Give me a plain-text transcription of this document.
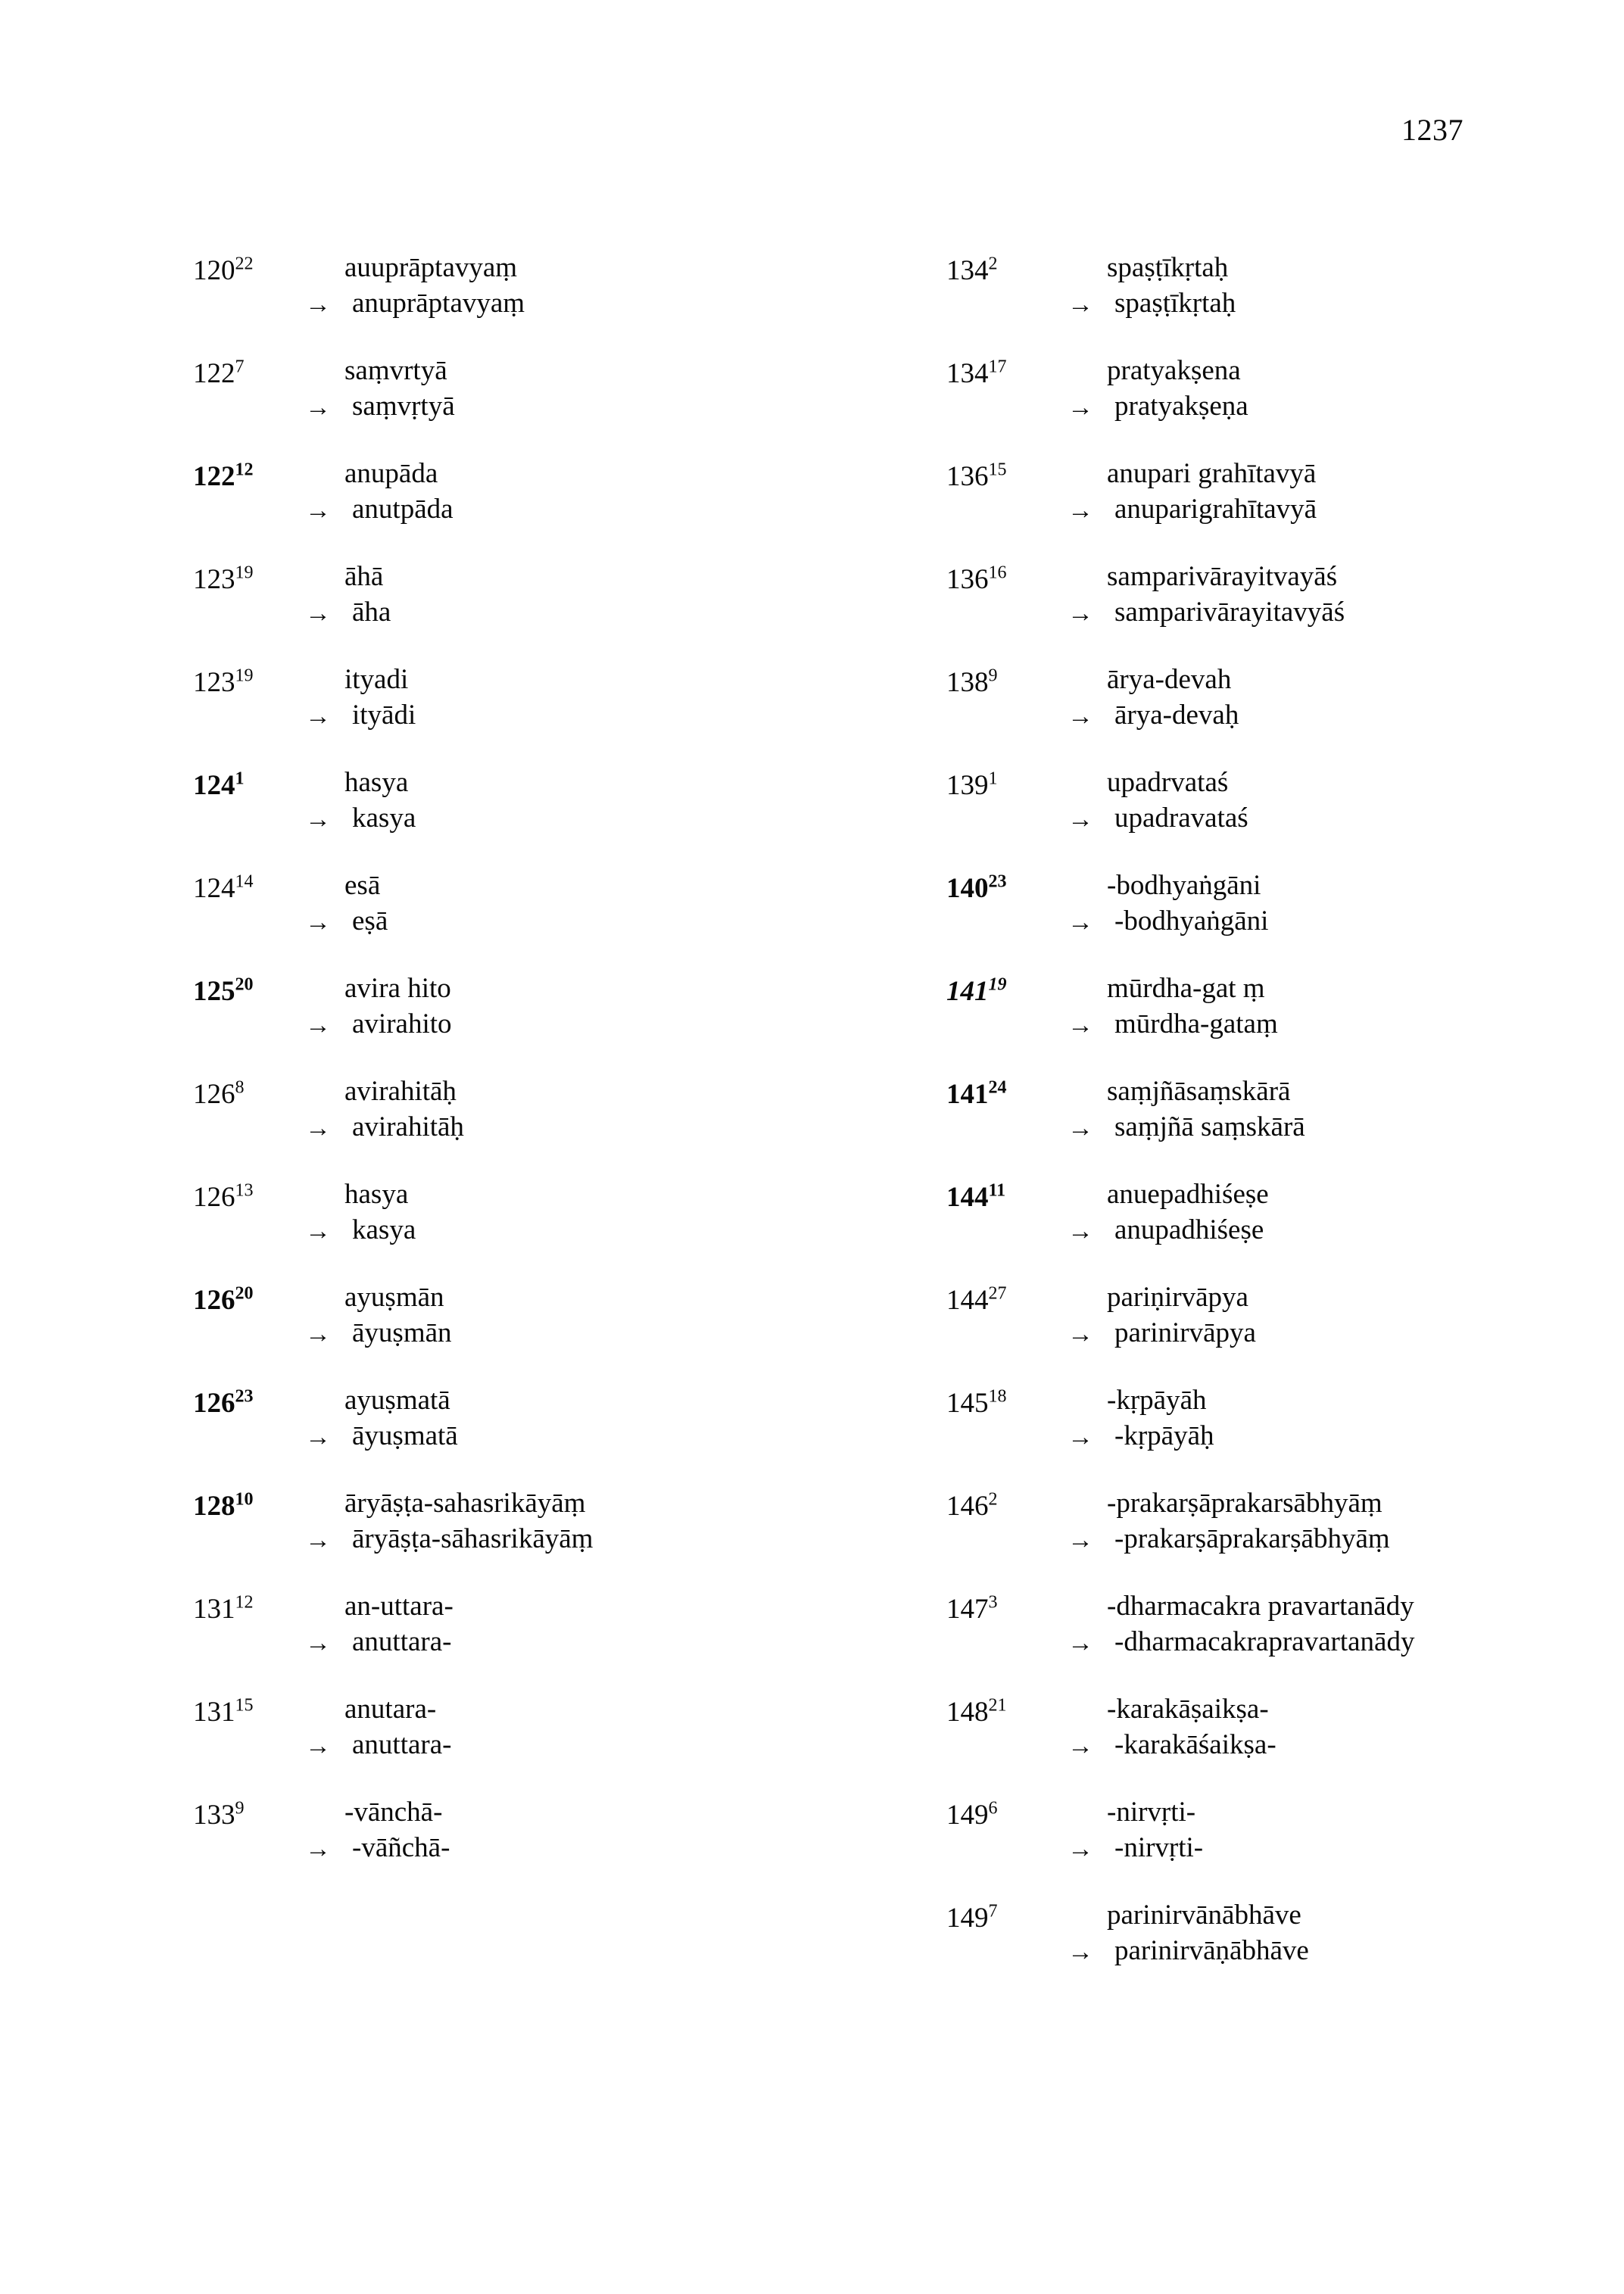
1237
$120^{22}$
→
auuprāptavyaṃ
anuprāptavyaṃ
$122^7$
→
saṃvrtyā
saṃvṛtyā
$122^{12}$
→
anupāda
anutpāda
$123^{19}$
→
āhā
āha
$123^{19}$
→
ityadi
ityādi
$124^1$
→
hasya
kasya
$124^{14}$
→
esā
eṣā
$125^{20}$
→
avira hito
avirahito
$126^8$
→
avirahitāḥ
avirahitāḥ
$126^{13}$
→
hasya
kasya
$126^{20}$
→
ayuṣmān
āyuṣmān
$126^{23}$
→
ayuṣmatā
āyuṣmatā
$128^{10}$
→
āryāṣṭa-sahasrikāyāṃ
āryāṣṭa-sāhasrikāyāṃ
$131^{12}$
→
an-uttara-
anuttara-
$131^{15}$
→
anutara-
anuttara-
$133^9$
→
-vānchā-
-vāñchā-
$134^2$
→
spaṣṭīkṛtaḥ
spaṣṭīkṛtaḥ
$134^{17}$
→
pratyakṣena
pratyakṣeṇa
$136^{15}$
→
anupari grahītavyā
anuparigrahītavyā
$136^{16}$
→
samparivārayitvayāś
samparivārayitavyāś
$138^9$
→
ārya-devah
ārya-devaḥ
$139^1$
→
upadrvataś
upadravataś
$140^{23}$
→
-bodhyaṅgāni
-bodhyaṅgāni
$141^{19}$
→
mūrdha-gat ṃ
mūrdha-gataṃ
$141^{24}$
→
saṃjñāsaṃskārā
saṃjñā saṃskārā
$144^{11}$
→
anuepadhiśeṣe
anupadhiśeṣe
$144^{27}$
→
pariṇirvāpya
parinirvāpya
$145^{18}$
→
-kṛpāyāh
-kṛpāyāḥ
$146^2$
→
-prakarṣāprakarsābhyāṃ
-prakarṣāprakarṣābhyāṃ
$147^3$
→
-dharmacakra pravartanādy
-dharmacakrapravartanādy
$148^{21}$
→
-karakāṣaikṣa-
-karakāśaikṣa-
$149^6$
→
-nirvṛti-
-nirvṛti-
$149^7$
→
parinirvānābhāve
parinirvāṇābhāve
